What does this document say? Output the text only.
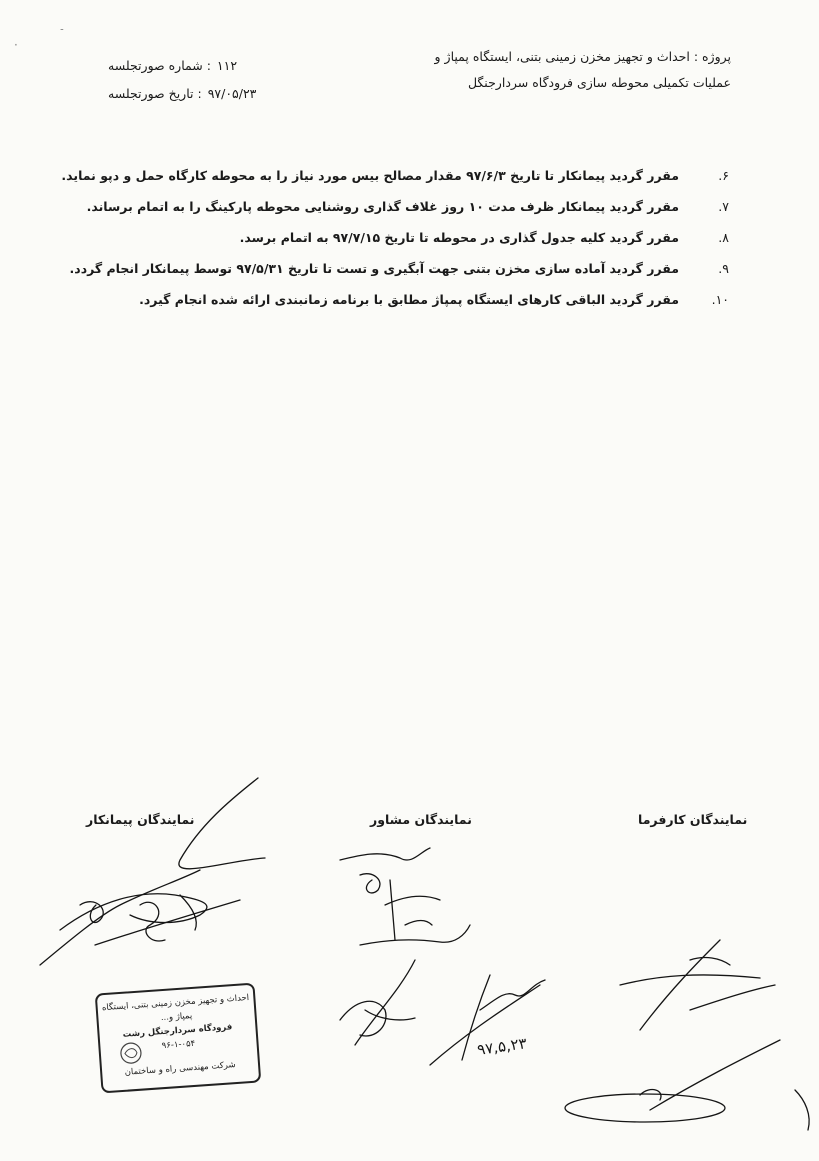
·
˗
پروژه : احداث و تجهیز مخزن زمینی بتنی، ایستگاه پمپاژ و
عملیات تکمیلی محوطه سازی فرودگاه سردارجنگل
۱۱۲
: شماره صورتجلسه
۹۷/۰۵/۲۳
: تاریخ صورتجلسه
۶.
مقرر گردید پیمانکار تا تاریخ ۹۷/۶/۳ مقدار مصالح بیس مورد نیاز را به محوطه کارگاه حمل و دپو نماید.
۷.
مقرر گردید پیمانکار ظرف مدت ۱۰ روز غلاف گذاری روشنایی محوطه پارکینگ را به اتمام برساند.
۸.
مقرر گردید کلیه جدول گذاری در محوطه تا تاریخ ۹۷/۷/۱۵ به اتمام برسد.
۹.
مقرر گردید آماده سازی مخزن بتنی جهت آبگیری و تست تا تاریخ ۹۷/۵/۳۱ توسط پیمانکار انجام گردد.
۱۰.
مقرر گردید الباقی کارهای ایستگاه پمپاژ مطابق با برنامه زمانبندی ارائه شده انجام گیرد.
نمایندگان پیمانکار	نمایندگان مشاور	نمایندگان کارفرما
۹۷,۵,۲۳
احداث و تجهیز مخزن زمینی بتنی، ایستگاه پمپاژ و...
فرودگاه سردارجنگل رشت
۹۶-۱-۰۵۴
شرکت مهندسی راه و ساختمان
